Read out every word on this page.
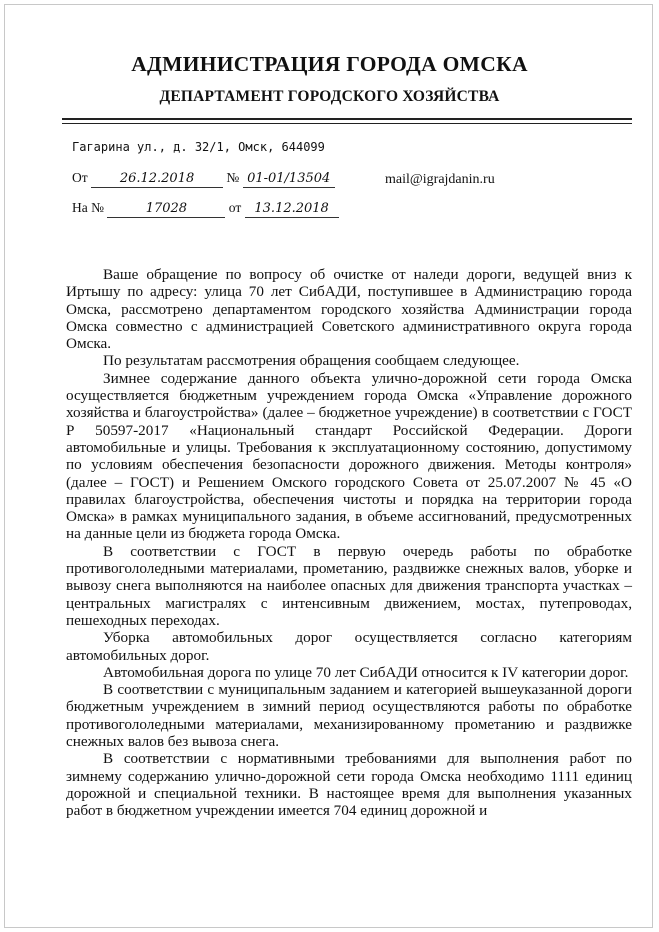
АДМИНИСТРАЦИЯ ГОРОДА ОМСКА
ДЕПАРТАМЕНТ ГОРОДСКОГО ХОЗЯЙСТВА
Гагарина ул., д. 32/1, Омск, 644099
От 26.12.2018 № 01-01/13504
На №	17028	от 13.12.2018
mail@igrajdanin.ru

Ваше обращение по вопросу об очистке от наледи дороги, ведущей вниз к Иртышу по адресу: улица 70 лет СибАДИ, поступившее в Администрацию города Омска, рассмотрено департаментом городского хозяйства Администрации города Омска совместно с администрацией Советского административного округа города Омска.

По результатам рассмотрения обращения сообщаем следующее.

Зимнее содержание данного объекта улично-дорожной сети города Омска осуществляется бюджетным учреждением города Омска «Управление дорожного хозяйства и благоустройства» (далее – бюджетное учреждение) в соответствии с ГОСТ Р 50597-2017 «Национальный стандарт Российской Федерации. Дороги автомобильные и улицы. Требования к эксплуатационному состоянию, допустимому по условиям обеспечения безопасности дорожного движения. Методы контроля» (далее – ГОСТ) и Решением Омского городского Совета от 25.07.2007 № 45 «О правилах благоустройства, обеспечения чистоты и порядка на территории города Омска» в рамках муниципального задания, в объеме ассигнований, предусмотренных на данные цели из бюджета города Омска.

В соответствии с ГОСТ в первую очередь работы по обработке противогололедными материалами, прометанию, раздвижке снежных валов, уборке и вывозу снега выполняются на наиболее опасных для движения транспорта участках – центральных магистралях с интенсивным движением, мостах, путепроводах, пешеходных переходах.

Уборка автомобильных дорог осуществляется согласно категориям автомобильных дорог.

Автомобильная дорога по улице 70 лет СибАДИ относится к IV категории дорог.

В соответствии с муниципальным заданием и категорией вышеуказанной дороги бюджетным учреждением в зимний период осуществляются работы по обработке противогололедными материалами, механизированному прометанию и раздвижке снежных валов без вывоза снега.

В соответствии с нормативными требованиями для выполнения работ по зимнему содержанию улично-дорожной сети города Омска необходимо 1111 единиц дорожной и специальной техники. В настоящее время для выполнения указанных работ в бюджетном учреждении имеется 704 единиц дорожной и
